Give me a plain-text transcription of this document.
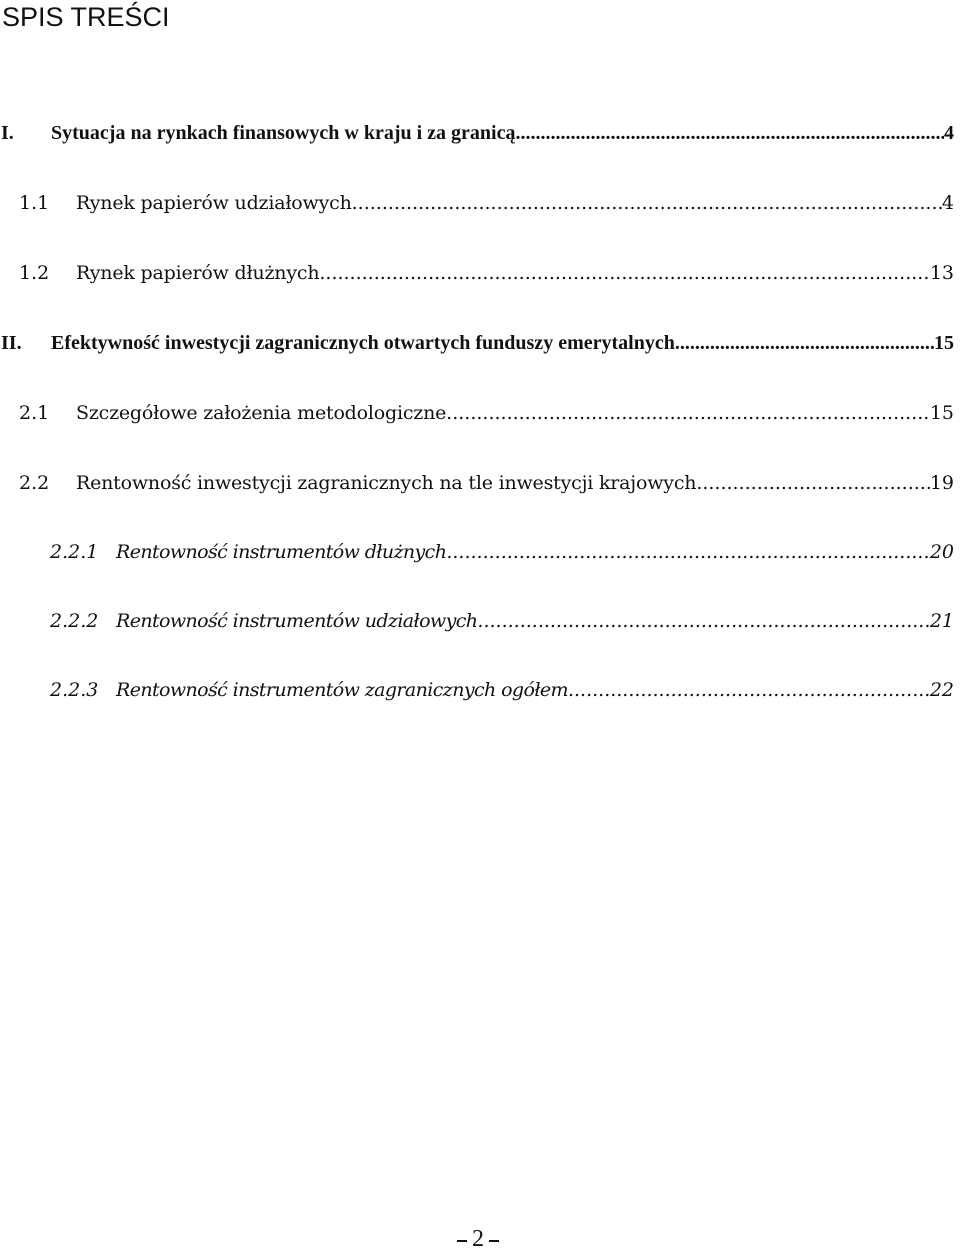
SPIS TREŚCI
I.	Sytuacja na rynkach finansowych w kraju i za granicą .....	4
1.1	Rynek papierów udziałowych .....	4
1.2	Rynek papierów dłużnych .....	13
II.	Efektywność inwestycji zagranicznych otwartych funduszy emerytalnych .....	15
2.1	Szczegółowe założenia metodologiczne .....	15
2.2	Rentowność inwestycji zagranicznych na tle inwestycji krajowych .....	19
2.2.1 Rentowność instrumentów dłużnych .....	20
2.2.2 Rentowność instrumentów udziałowych .....	21
2.2.3 Rentowność instrumentów zagranicznych ogółem .....	22
2
